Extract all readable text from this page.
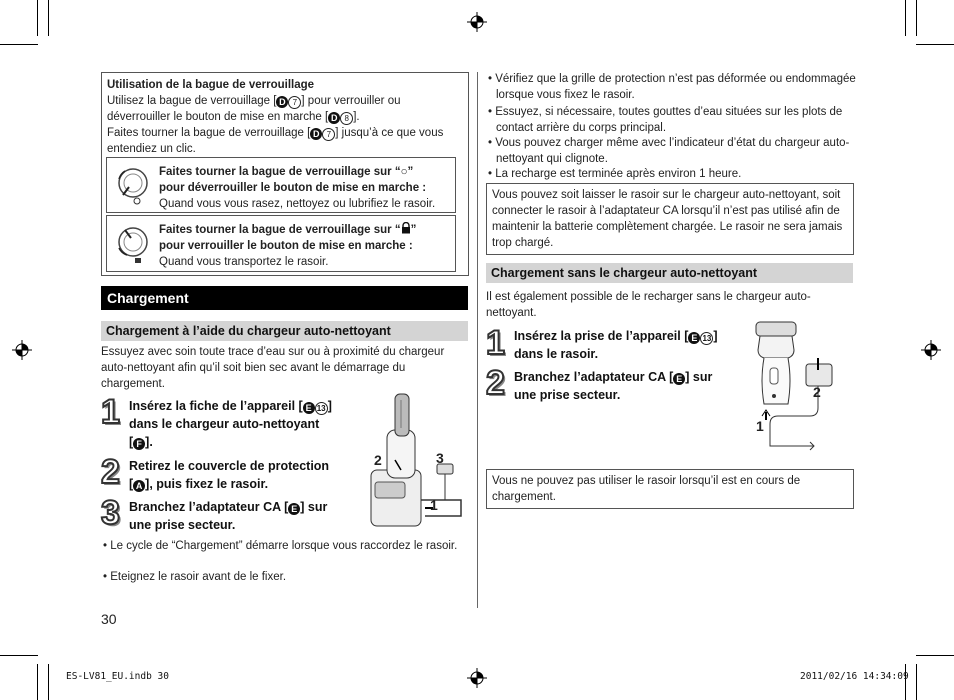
Utilisation de la bague de verrouillage
Utilisez la bague de verrouillage [ D 7 ] pour verrouiller ou
déverrouiller le bouton de mise en marche [ D 8 ].
Faites tourner la bague de verrouillage [ D 7 ] jusqu’à ce que vous
entendiez un clic.
Faites tourner la bague de verrouillage sur “○”
pour déverrouiller le bouton de mise en marche :
Quand vous vous rasez, nettoyez ou lubrifiez le rasoir.
Faites tourner la bague de verrouillage sur “ ”
pour verrouiller le bouton de mise en marche :
Quand vous transportez le rasoir.
Chargement
Chargement à l’aide du chargeur auto-nettoyant
Essuyez avec soin toute trace d’eau sur ou à proximité du chargeur auto-nettoyant afin qu’il soit bien sec avant le démarrage du chargement.
1 Insérez la fiche de l’appareil [ E 13 ]
dans le chargeur auto-nettoyant
[ F ].
2 Retirez le couvercle de protection
[ A ], puis fixez le rasoir.
3 Branchez l’adaptateur CA [ E ] sur
une prise secteur.
2	3
1
• Le cycle de “Chargement” démarre lorsque vous raccordez le rasoir.
• Eteignez le rasoir avant de le fixer.
30
• Vérifiez que la grille de protection n’est pas déformée ou endommagée lorsque vous fixez le rasoir.
• Essuyez, si nécessaire, toutes gouttes d’eau situées sur les plots de contact arrière du corps principal.
• Vous pouvez charger même avec l’indicateur d’état du chargeur auto-nettoyant qui clignote.
• La recharge est terminée après environ 1 heure.
Vous pouvez soit laisser le rasoir sur le chargeur auto-nettoyant, soit connecter le rasoir à l’adaptateur CA lorsqu’il n’est pas utilisé afin de maintenir la batterie complètement chargée. Le rasoir ne sera jamais trop chargé.
Chargement sans le chargeur auto-nettoyant
Il est également possible de le recharger sans le chargeur auto-nettoyant.
1 Insérez la prise de l’appareil [ E 13 ]
dans le rasoir.
2 Branchez l’adaptateur CA [ E ] sur
une prise secteur.	2
1
Vous ne pouvez pas utiliser le rasoir lorsqu’il est en cours de chargement.
ES-LV81_EU.indb 30	2011/02/16 14:34:09
